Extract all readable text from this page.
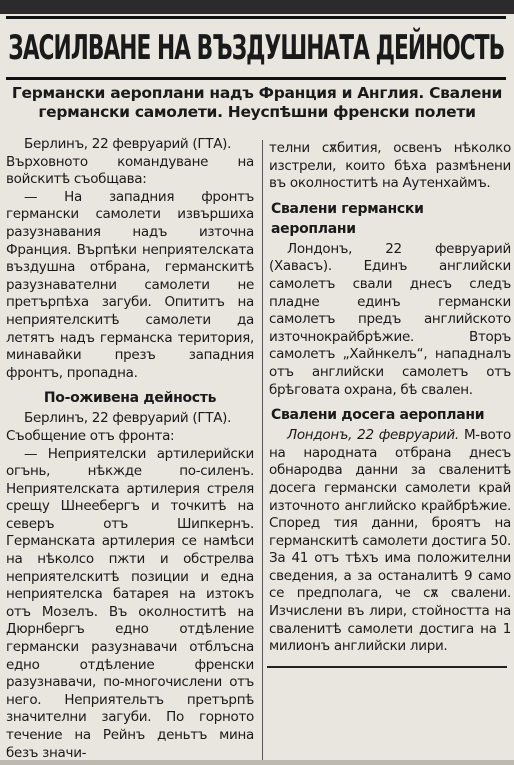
ЗАСИЛВАНЕ НА ВЪЗДУШНАТА ДЕЙНОСТЬ
Германски аероплани надъ Франция и Англия. Свалени германски самолети. Неуспѣшни френски полети

Берлинъ, 22 февруарий (ГТА).

Върховното командуване на войскитѣ съобщава:

— На западния фронтъ германски самолети извършиха разузнавания надъ източна Франция. Върпѣки неприятелската въздушна отбрана, германскитѣ разузнавателни самолети не претърпѣха загуби. Опититъ на неприятелскитѣ самолети да летятъ надъ германска територия, минавайки презъ западния фронтъ, пропадна.

По-оживена дейность

Берлинъ, 22 февруарий (ГТА).

Съобщение отъ фронта:

— Неприятелски артилерийски огънь, нѣкжде по-силенъ. Неприятелската артилерия стреля срещу Шнеебергъ и точкитѣ на северъ отъ Шипкернъ. Германската артилерия се намѣси на нѣколсо пжти и обстрелва неприятелскитѣ позиции и една неприятелска батарея на изтокъ отъ Мозелъ. Въ околноститѣ на Дюрнбергъ едно отдѣление германски разузнавачи отблъсна едно отдѣление френски разузнавачи, по-многочислени отъ него. Неприятельтъ претърпѣ значителни загуби. По горното течение на Рейнъ деньтъ мина безъ значи-

телни сѫбития, освенъ нѣколко изстрели, които бѣха размѣнени въ околноститѣ на Аутенхаймъ.

Свалени германски аероплани

Лондонъ, 22 февруарий (Хавасъ). Единъ английски самолетъ свали днесъ следъ пладне единъ германски самолетъ предъ английското източнокрайбрѣжие. Вторъ самолетъ „Хайнкелъ“, нападналъ отъ английски самолетъ отъ брѣговата охрана, бѣ свален.

Свалени досега аероплани

Лондонъ, 22 февруарий. М-вото на народната отбрана днесъ обнародва данни за сваленитѣ досега германски самолети край източното английско крайбрѣжие. Според тия данни, броятъ на германскитѣ самолети достига 50. За 41 отъ тѣхъ има положителни сведения, а за останалитѣ 9 само се предполага, че сѫ свалени. Изчислени въ лири, стойността на сваленитѣ самолети достига на 1 милионъ английски лири.
